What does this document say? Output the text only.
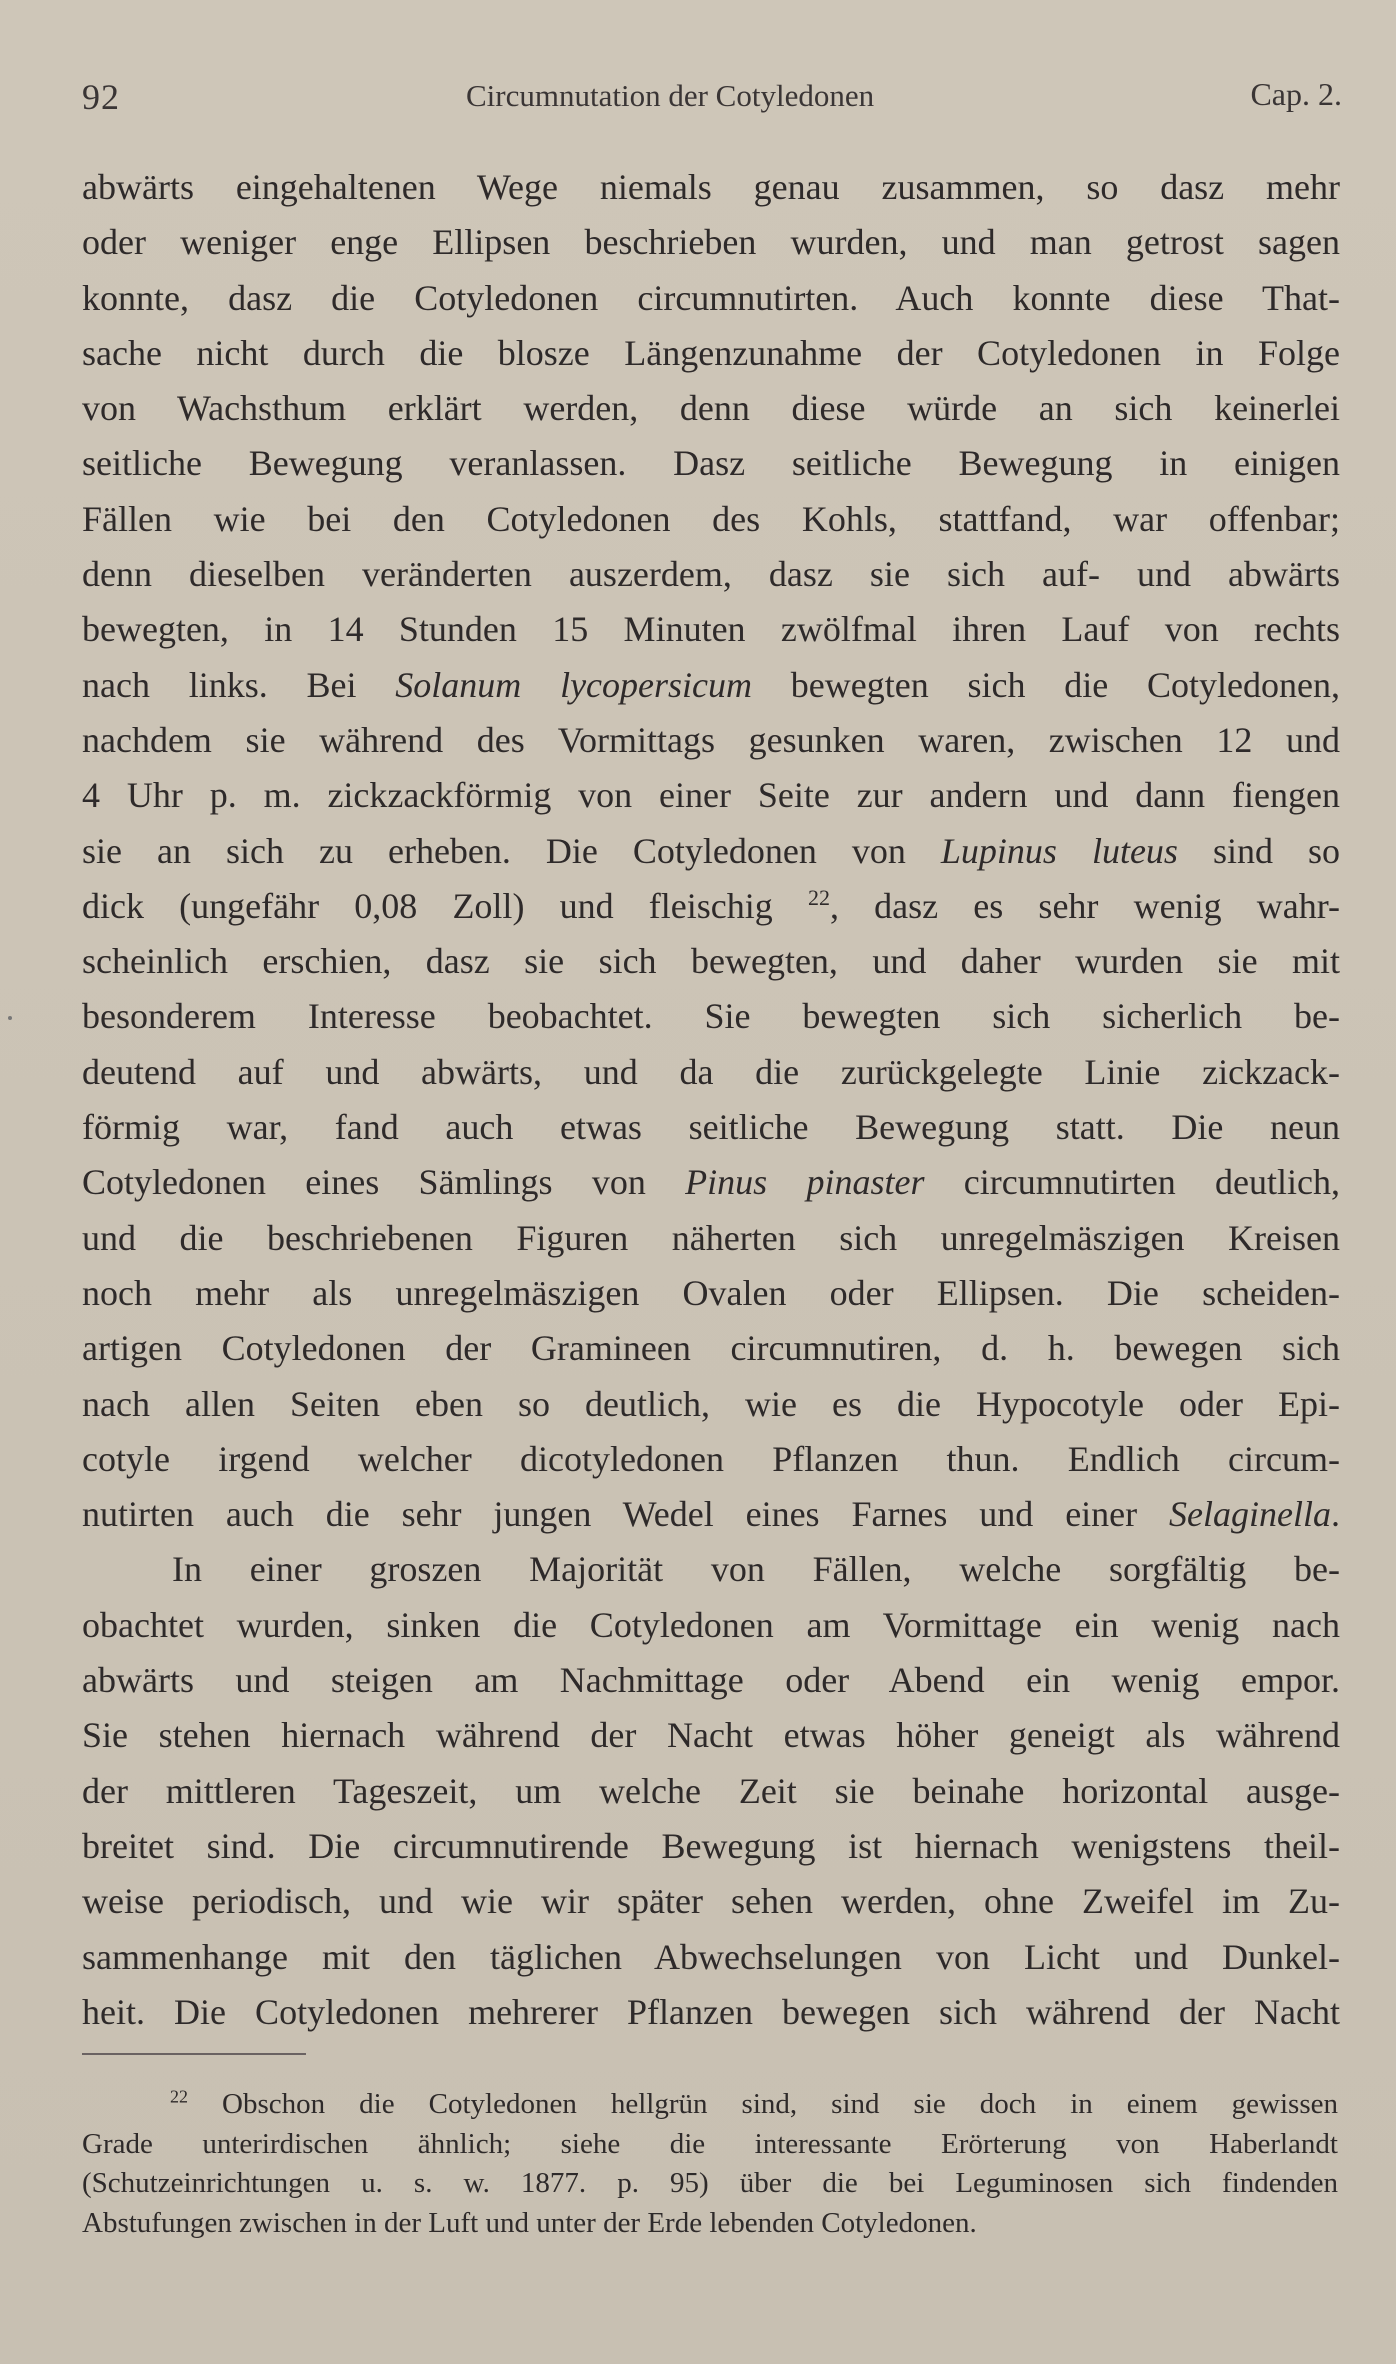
92	Circumnutation der Cotyledonen	Cap. 2.
abwärts eingehaltenen Wege niemals genau zusammen, so dasz mehr
oder weniger enge Ellipsen beschrieben wurden, und man getrost sagen
konnte, dasz die Cotyledonen circumnutirten. Auch konnte diese That-
sache nicht durch die blosze Längenzunahme der Cotyledonen in Folge
von Wachsthum erklärt werden, denn diese würde an sich keinerlei
seitliche Bewegung veranlassen. Dasz seitliche Bewegung in einigen
Fällen wie bei den Cotyledonen des Kohls, stattfand, war offenbar;
denn dieselben veränderten auszerdem, dasz sie sich auf- und abwärts
bewegten, in 14 Stunden 15 Minuten zwölfmal ihren Lauf von rechts
nach links. Bei Solanum lycopersicum bewegten sich die Cotyledonen,
nachdem sie während des Vormittags gesunken waren, zwischen 12 und
4 Uhr p. m. zickzackförmig von einer Seite zur andern und dann fiengen
sie an sich zu erheben. Die Cotyledonen von Lupinus luteus sind so
dick (ungefähr 0,08 Zoll) und fleischig $^{22}$, dasz es sehr wenig wahr-
scheinlich erschien, dasz sie sich bewegten, und daher wurden sie mit
besonderem Interesse beobachtet. Sie bewegten sich sicherlich be-
deutend auf und abwärts, und da die zurückgelegte Linie zickzack-
förmig war, fand auch etwas seitliche Bewegung statt. Die neun
Cotyledonen eines Sämlings von Pinus pinaster circumnutirten deutlich,
und die beschriebenen Figuren näherten sich unregelmäszigen Kreisen
noch mehr als unregelmäszigen Ovalen oder Ellipsen. Die scheiden-
artigen Cotyledonen der Gramineen circumnutiren, d. h. bewegen sich
nach allen Seiten eben so deutlich, wie es die Hypocotyle oder Epi-
cotyle irgend welcher dicotyledonen Pflanzen thun. Endlich circum-
nutirten auch die sehr jungen Wedel eines Farnes und einer Selaginella.
In einer groszen Majorität von Fällen, welche sorgfältig be-
obachtet wurden, sinken die Cotyledonen am Vormittage ein wenig nach
abwärts und steigen am Nachmittage oder Abend ein wenig empor.
Sie stehen hiernach während der Nacht etwas höher geneigt als während
der mittleren Tageszeit, um welche Zeit sie beinahe horizontal ausge-
breitet sind. Die circumnutirende Bewegung ist hiernach wenigstens theil-
weise periodisch, und wie wir später sehen werden, ohne Zweifel im Zu-
sammenhange mit den täglichen Abwechselungen von Licht und Dunkel-
heit. Die Cotyledonen mehrerer Pflanzen bewegen sich während der Nacht
$^{22}$ Obschon die Cotyledonen hellgrün sind, sind sie doch in einem gewissen
Grade unterirdischen ähnlich; siehe die interessante Erörterung von Haberlandt
(Schutzeinrichtungen u. s. w. 1877. p. 95) über die bei Leguminosen sich findenden
Abstufungen zwischen in der Luft und unter der Erde lebenden Cotyledonen.
